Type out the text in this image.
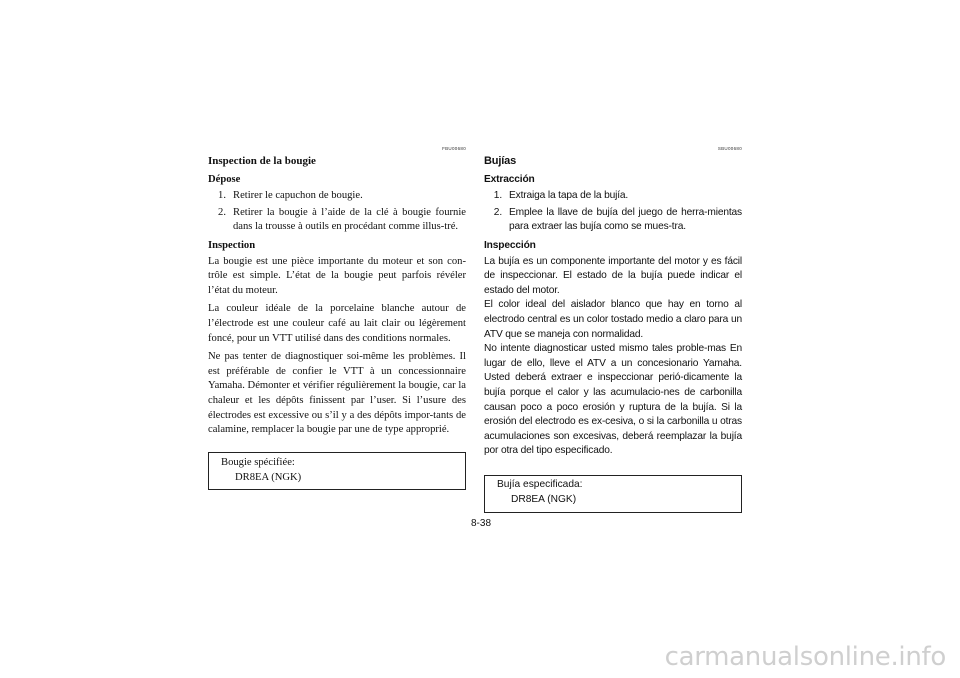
FBU00680
Inspection de la bougie
Dépose
1. Retirer le capuchon de bougie.
2. Retirer la bougie à l’aide de la clé à bougie fournie dans la trousse à outils en procédant comme illus-tré.
Inspection

La bougie est une pièce importante du moteur et son con-trôle est simple. L’état de la bougie peut parfois révéler l’état du moteur.

La couleur idéale de la porcelaine blanche autour de l’électrode est une couleur café au lait clair ou légèrement foncé, pour un VTT utilisé dans des conditions normales.

Ne pas tenter de diagnostiquer soi-même les problèmes. Il est préférable de confier le VTT à un concessionnaire Yamaha. Démonter et vérifier régulièrement la bougie, car la chaleur et les dépôts finissent par l’user. Si l’usure des électrodes est excessive ou s’il y a des dépôts impor-tants de calamine, remplacer la bougie par une de type approprié.

Bougie spécifiée:
DR8EA (NGK)
SBU00680
Bujías
Extracción
1. Extraiga la tapa de la bujía.
2. Emplee la llave de bujía del juego de herra-mientas para extraer las bujía como se mues-tra.
Inspección

La bujía es un componente importante del motor y es fácil de inspeccionar. El estado de la bujía puede indicar el estado del motor.

El color ideal del aislador blanco que hay en torno al electrodo central es un color tostado medio a claro para un ATV que se maneja con normalidad.

No intente diagnosticar usted mismo tales proble-mas En lugar de ello, lleve el ATV a un concesionario Yamaha. Usted deberá extraer e inspeccionar perió-dicamente la bujía porque el calor y las acumulacio-nes de carbonilla causan poco a poco erosión y ruptura de la bujía. Si la erosión del electrodo es ex-cesiva, o si la carbonilla u otras acumulaciones son excesivas, deberá reemplazar la bujía por otra del tipo especificado.

Bujía especificada:
DR8EA (NGK)
8-38
carmanualsonline.info
